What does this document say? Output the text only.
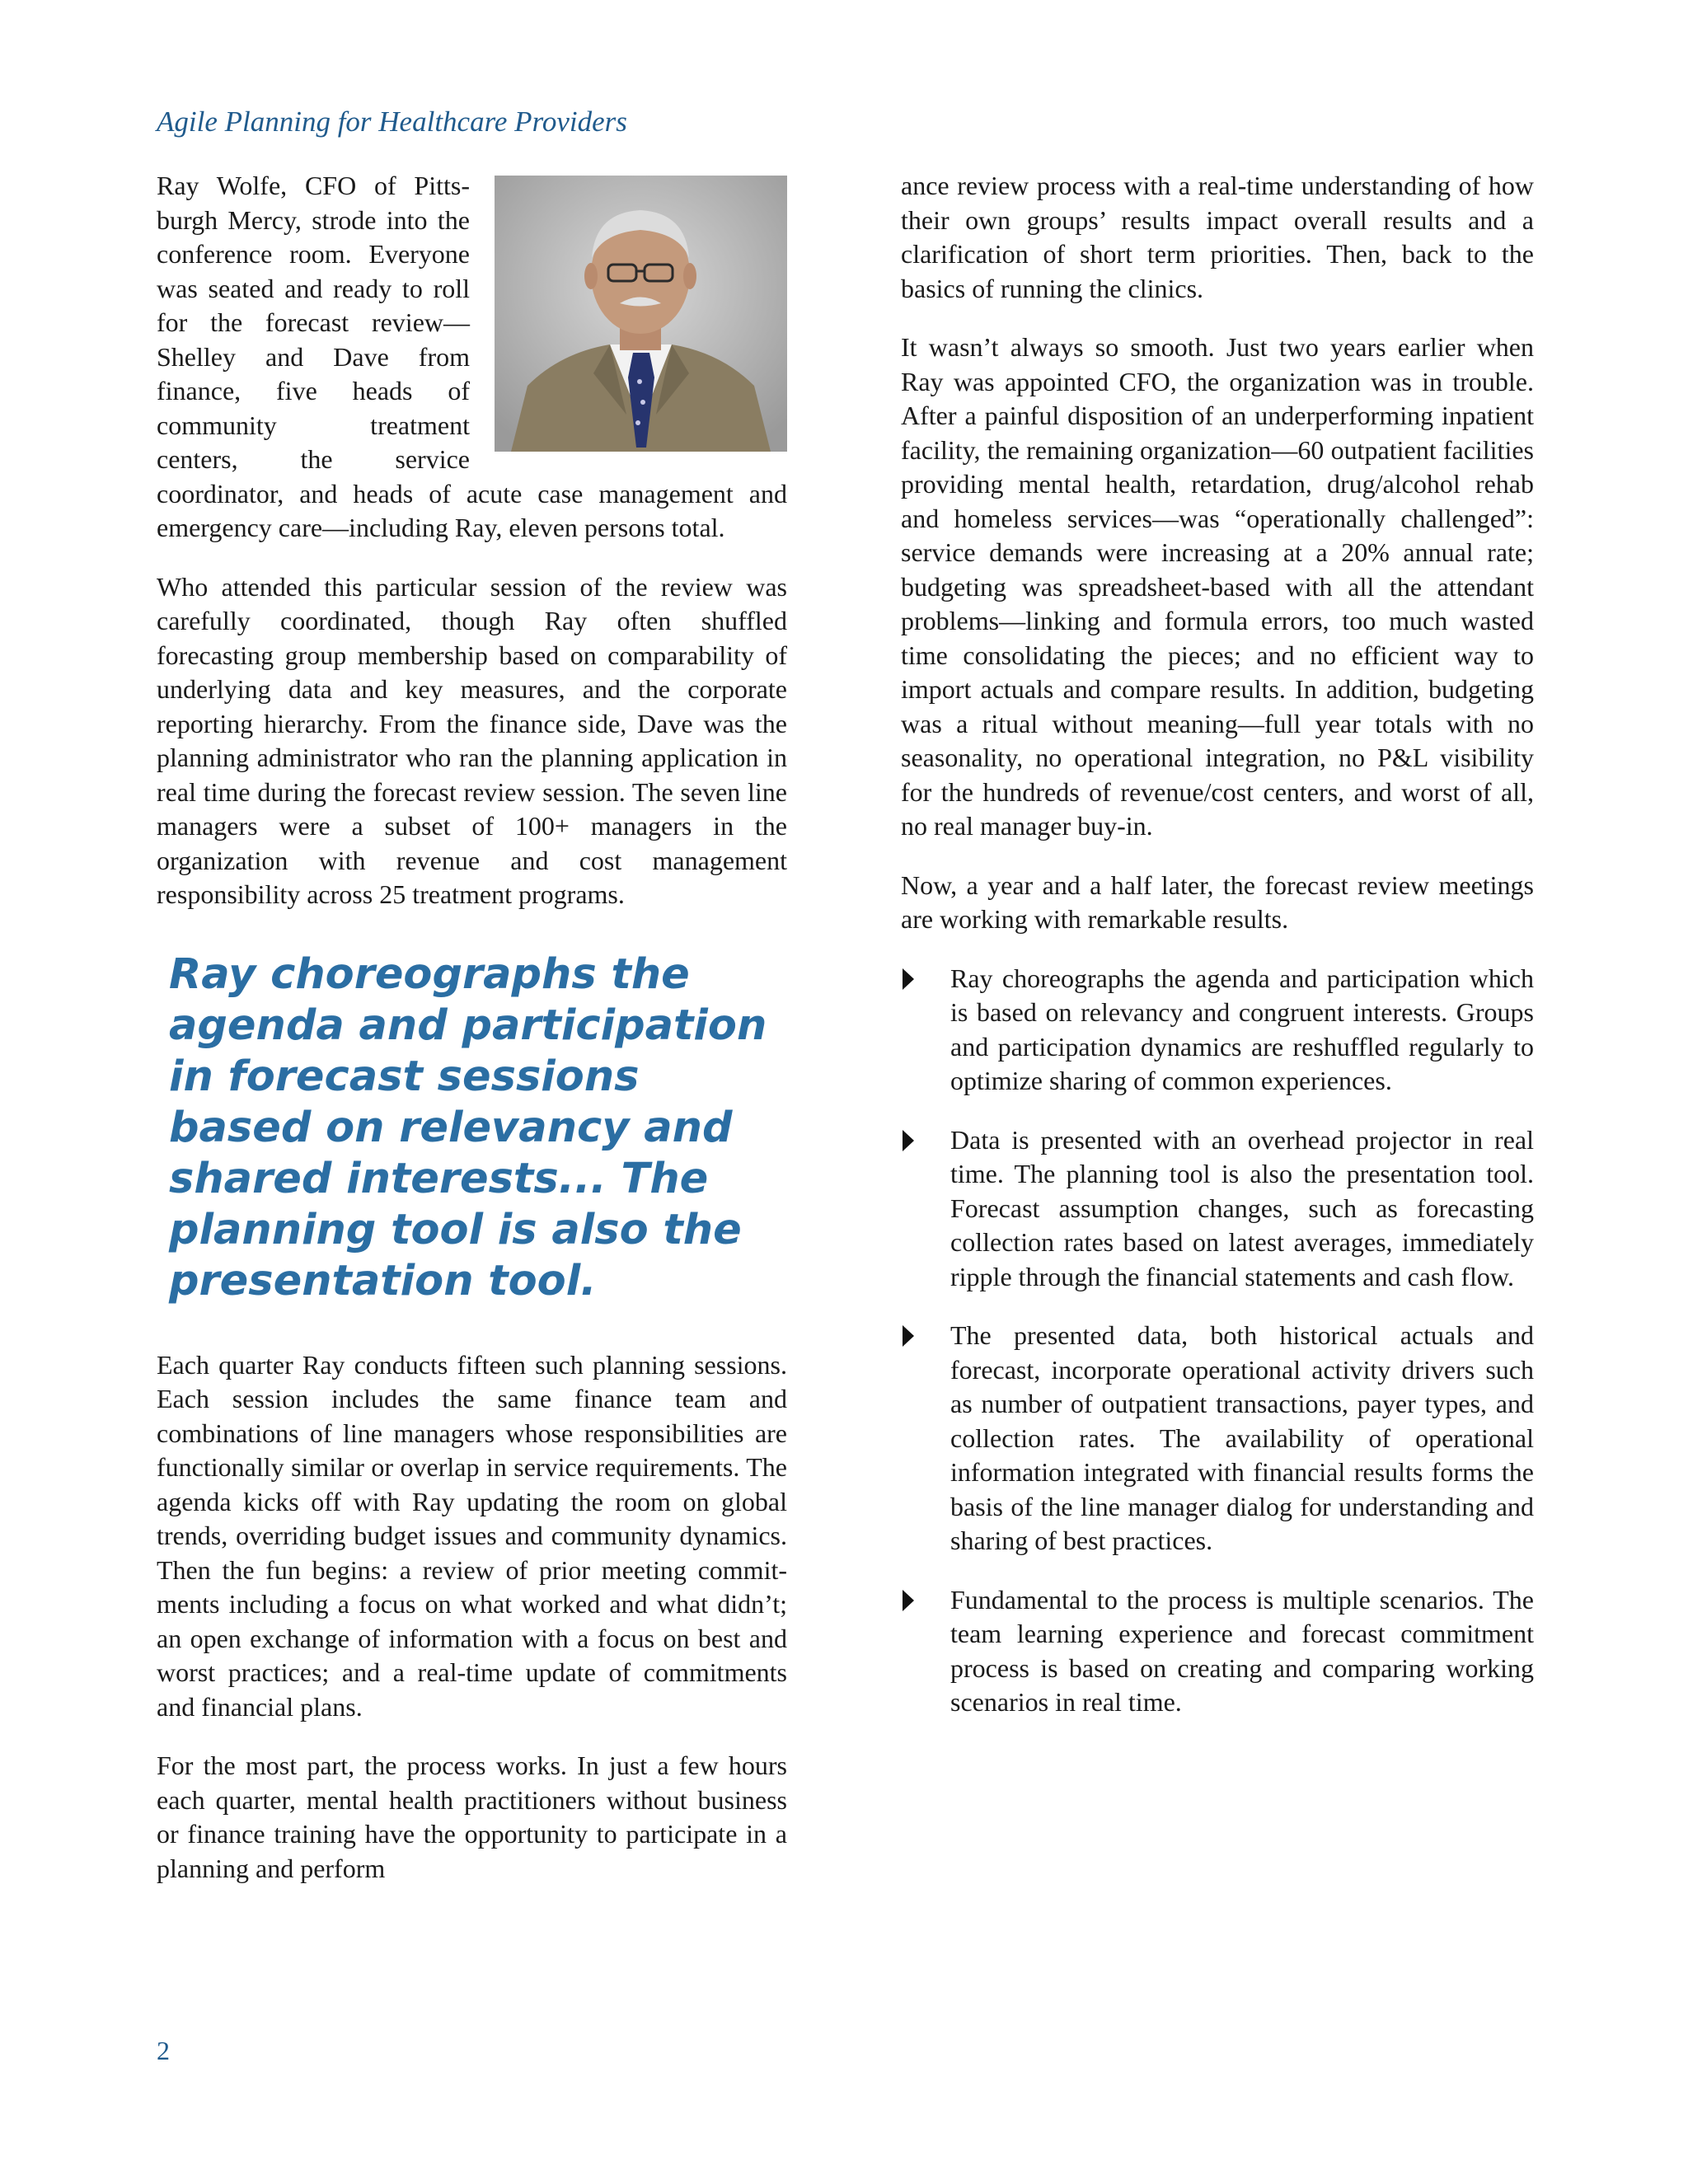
Agile Planning for Healthcare Providers

Ray Wolfe, CFO of Pittsburgh Mercy, strode into the conference room. Everyone was seated and ready to roll for the forecast review—Shelley and Dave from finance, five heads of community treatment centers, the service coordinator, and heads of acute case management and emergency care—including Ray, eleven persons total.

Who attended this particular session of the review was carefully coordinated, though Ray often shuffled forecasting group membership based on comparability of underlying data and key measures, and the corporate reporting hierarchy. From the finance side, Dave was the planning administrator who ran the planning application in real time during the forecast review session. The seven line managers were a subset of 100+ managers in the organization with revenue and cost management responsibility across 25 treatment programs.

Ray choreographs the agenda and participation in forecast sessions based on relevancy and shared interests... The planning tool is also the presentation tool.

Each quarter Ray conducts fifteen such planning sessions. Each session includes the same finance team and combinations of line managers whose responsibilities are functionally similar or overlap in service requirements. The agenda kicks off with Ray updating the room on global trends, overriding budget issues and community dynamics. Then the fun begins: a review of prior meeting commitments including a focus on what worked and what didn’t; an open exchange of information with a focus on best and worst practices; and a real-time update of commitments and financial plans.

For the most part, the process works. In just a few hours each quarter, mental health practitioners without business or finance training have the opportunity to participate in a planning and perform

ance review process with a real-time understanding of how their own groups’ results impact overall results and a clarification of short term priorities. Then, back to the basics of running the clinics.

It wasn’t always so smooth. Just two years earlier when Ray was appointed CFO, the organization was in trouble. After a painful disposition of an underperforming inpatient facility, the remaining organization—60 outpatient facilities providing mental health, retardation, drug/alcohol rehab and homeless services—was “operationally challenged”: service demands were increasing at a 20% annual rate; budgeting was spreadsheet-based with all the attendant problems—linking and formula errors, too much wasted time consolidating the pieces; and no efficient way to import actuals and compare results. In addition, budgeting was a ritual without meaning—full year totals with no seasonality, no operational integration, no P&L visibility for the hundreds of revenue/cost centers, and worst of all, no real manager buy-in.

Now, a year and a half later, the forecast review meetings are working with remarkable results.

Ray choreographs the agenda and participation which is based on relevancy and congruent interests. Groups and participation dynamics are reshuffled regularly to optimize sharing of common experiences.
Data is presented with an overhead projector in real time. The planning tool is also the presentation tool. Forecast assumption changes, such as forecasting collection rates based on latest averages, immediately ripple through the financial statements and cash flow.
The presented data, both historical actuals and forecast, incorporate operational activity drivers such as number of outpatient transactions, payer types, and collection rates. The availability of operational information integrated with financial results forms the basis of the line manager dialog for understanding and sharing of best practices.
Fundamental to the process is multiple scenarios. The team learning experience and forecast commitment process is based on creating and comparing working scenarios in real time.
2
